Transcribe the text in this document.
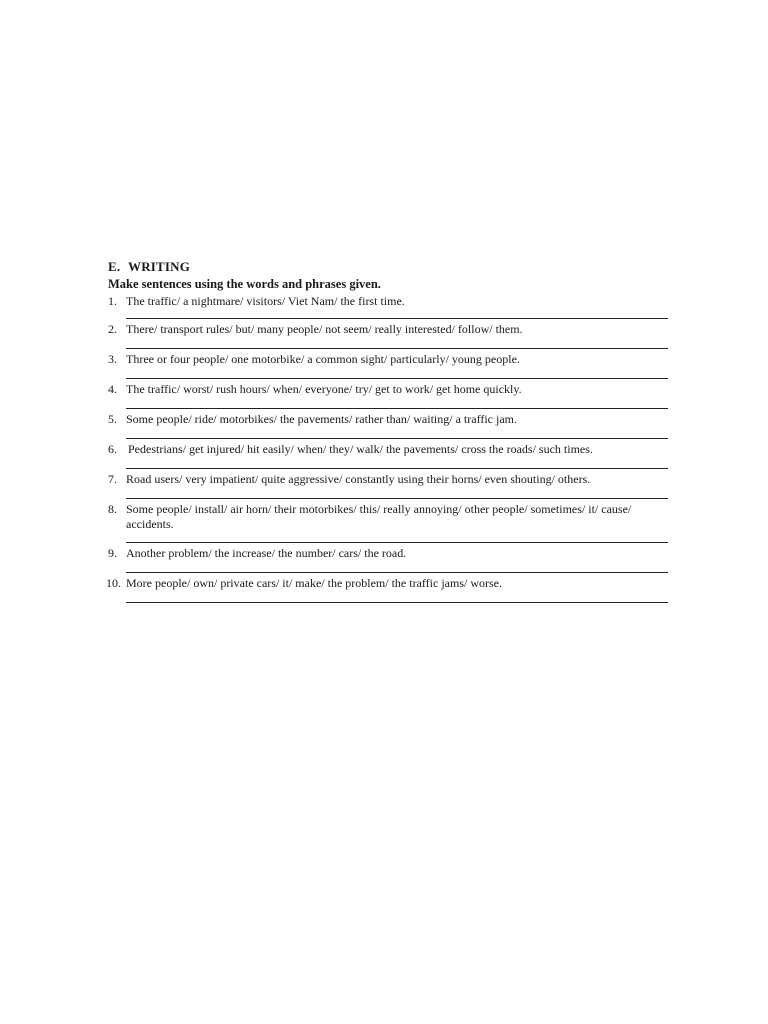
E. WRITING

Make sentences using the words and phrases given.

1. The traffic/ a nightmare/ visitors/ Viet Nam/ the first time.
2. There/ transport rules/ but/ many people/ not seem/ really interested/ follow/ them.
3. Three or four people/ one motorbike/ a common sight/ particularly/ young people.
4. The traffic/ worst/ rush hours/ when/ everyone/ try/ get to work/ get home quickly.
5. Some people/ ride/ motorbikes/ the pavements/ rather than/ waiting/ a traffic jam.
6. Pedestrians/ get injured/ hit easily/ when/ they/ walk/ the pavements/ cross the roads/ such times.
7. Road users/ very impatient/ quite aggressive/ constantly using their horns/ even shouting/ others.
8. Some people/ install/ air horn/ their motorbikes/ this/ really annoying/ other people/ sometimes/ it/ cause/ accidents.
9. Another problem/ the increase/ the number/ cars/ the road.
10. More people/ own/ private cars/ it/ make/ the problem/ the traffic jams/ worse.
